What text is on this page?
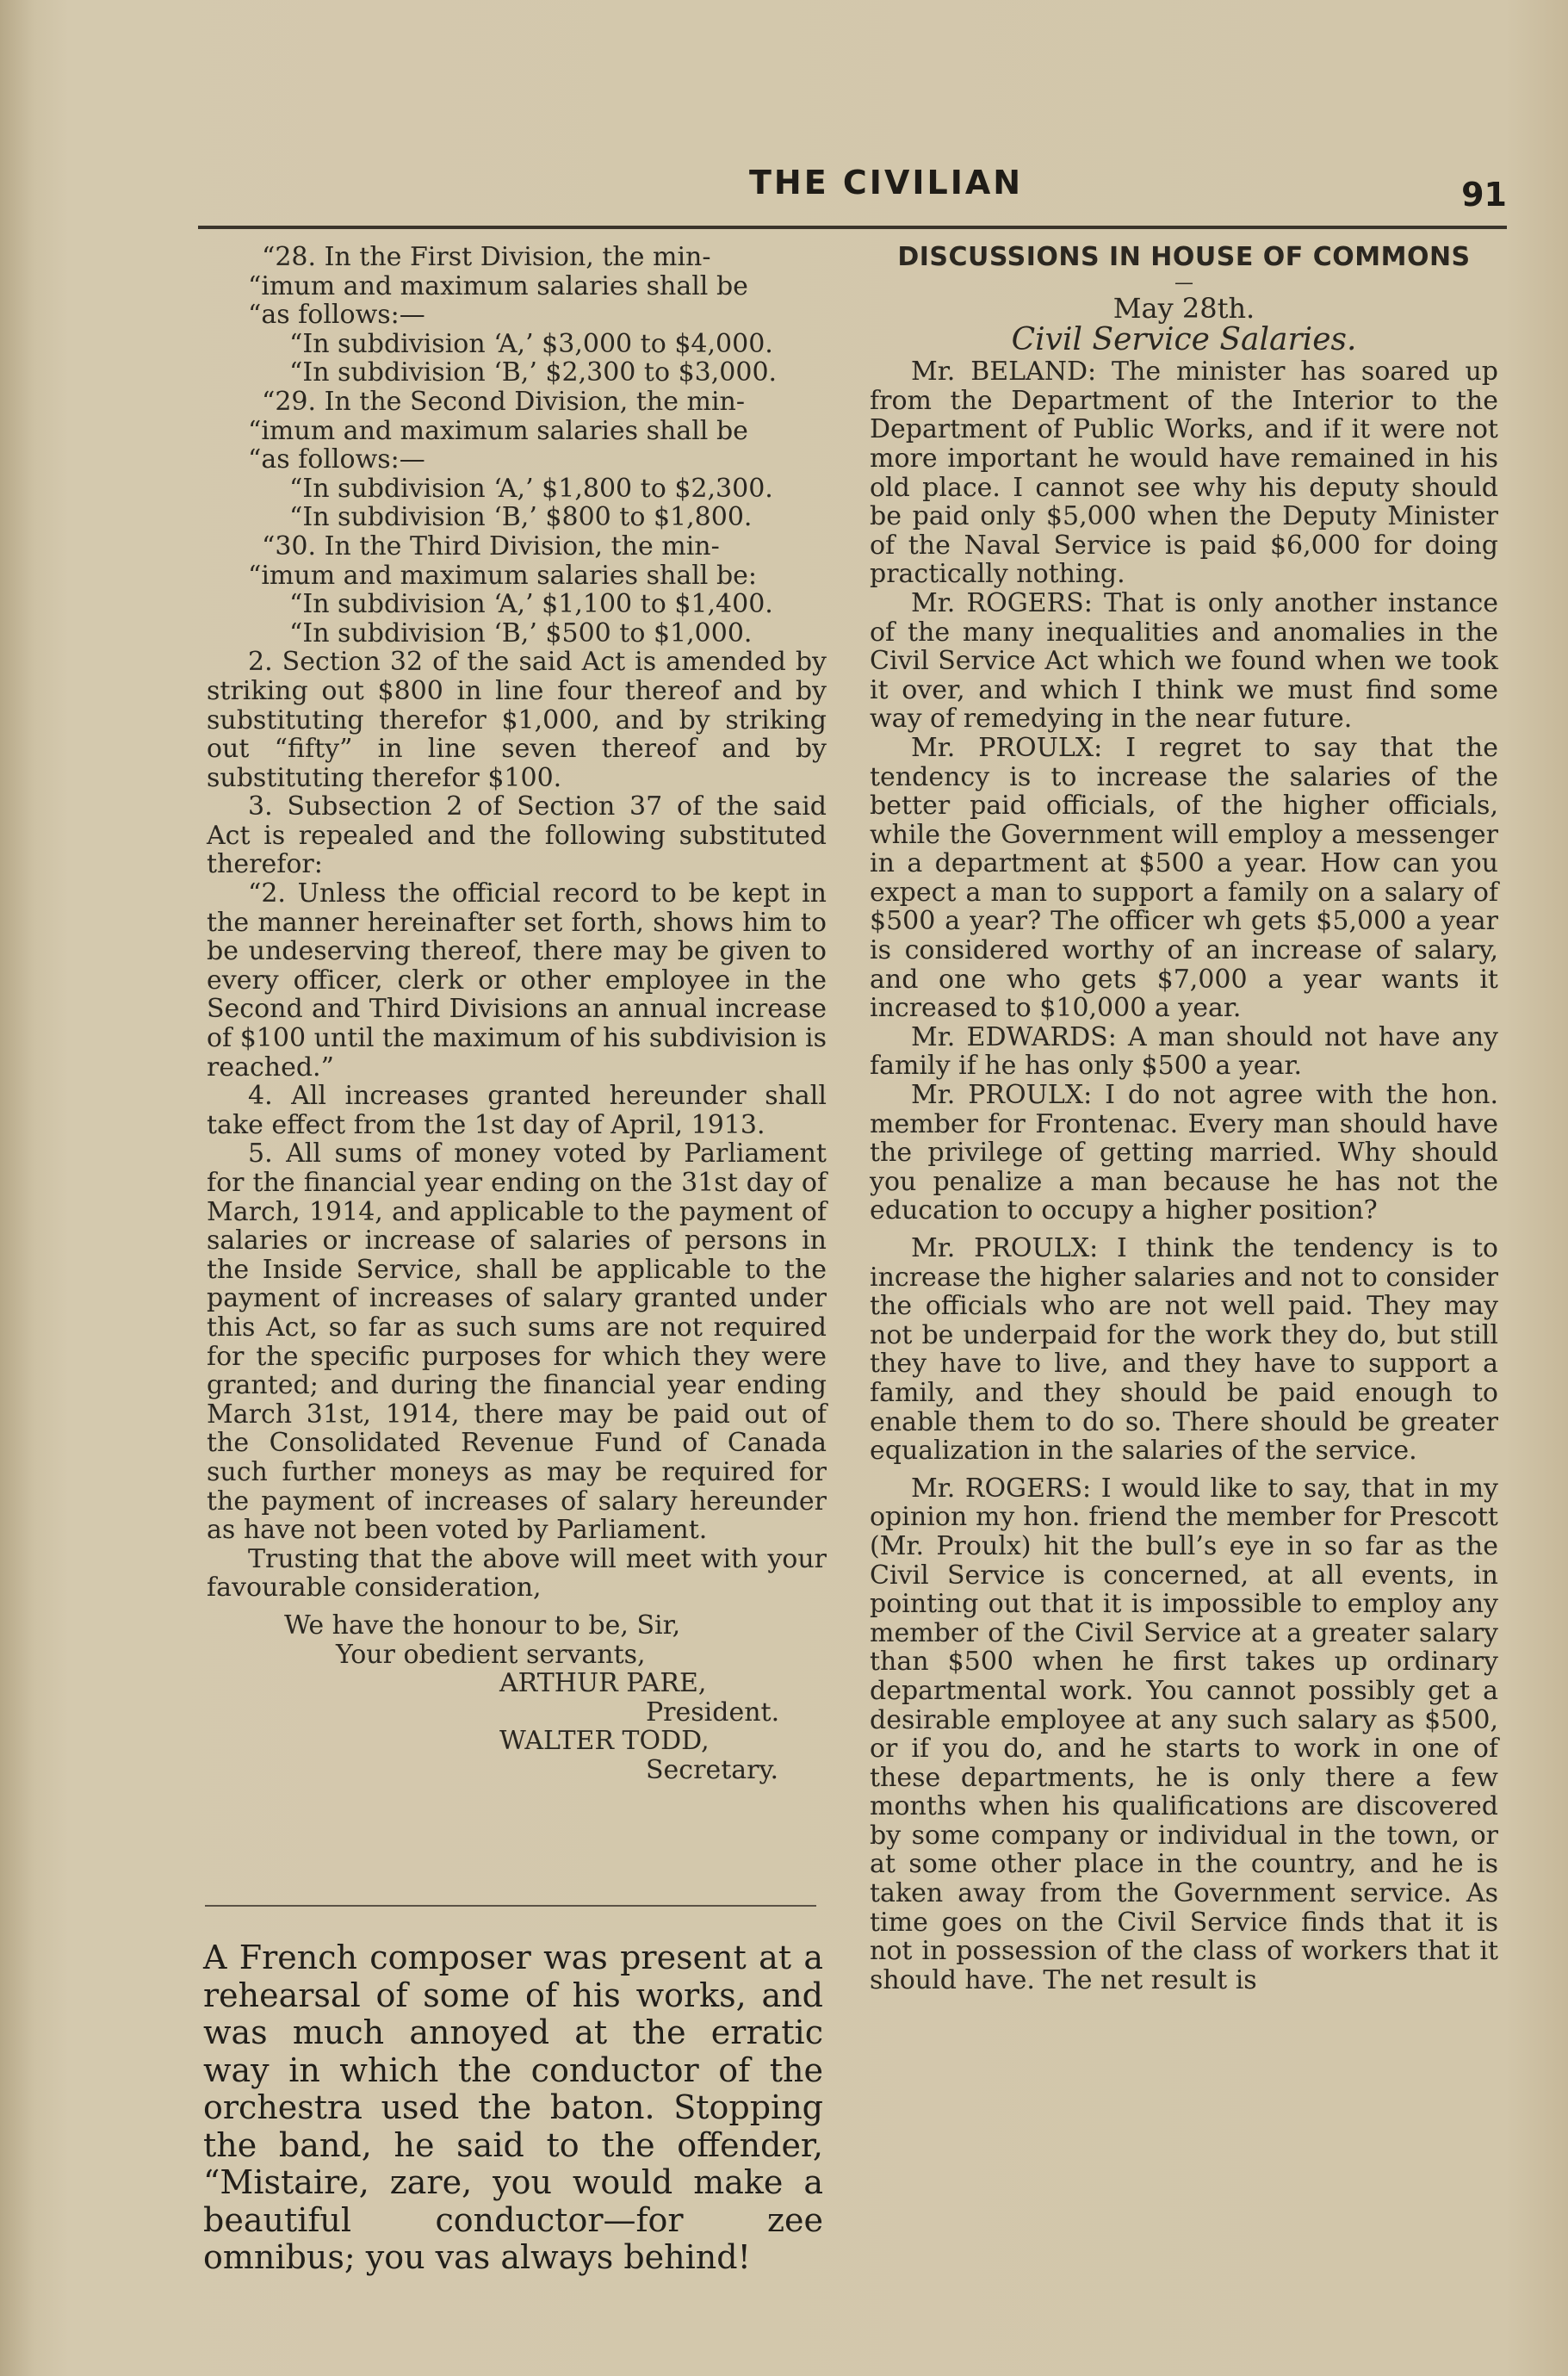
THE CIVILIAN	91

“28. In the First Division, the min-

“imum and maximum salaries shall be

“as follows:—

“In subdivision ‘A,’ $3,000 to $4,000.

“In subdivision ‘B,’ $2,300 to $3,000.

“29. In the Second Division, the min-

“imum and maximum salaries shall be

“as follows:—

“In subdivision ‘A,’ $1,800 to $2,300.

“In subdivision ‘B,’ $800 to $1,800.

“30. In the Third Division, the min-

“imum and maximum salaries shall be:

“In subdivision ‘A,’ $1,100 to $1,400.

“In subdivision ‘B,’ $500 to $1,000.

2. Section 32 of the said Act is amended by striking out $800 in line four thereof and by substituting therefor $1,000, and by striking out “fifty” in line seven thereof and by substituting therefor $100.

3. Subsection 2 of Section 37 of the said Act is repealed and the following substituted therefor:

“2. Unless the official record to be kept in the manner hereinafter set forth, shows him to be undeserving thereof, there may be given to every officer, clerk or other employee in the Second and Third Divisions an annual increase of $100 until the maximum of his subdivision is reached.”

4. All increases granted hereunder shall take effect from the 1st day of April, 1913.

5. All sums of money voted by Parliament for the financial year ending on the 31st day of March, 1914, and applicable to the payment of salaries or increase of salaries of persons in the Inside Service, shall be applicable to the payment of increases of salary granted under this Act, so far as such sums are not required for the specific purposes for which they were granted; and during the financial year ending March 31st, 1914, there may be paid out of the Consolidated Revenue Fund of Canada such further moneys as may be required for the payment of increases of salary hereunder as have not been voted by Parliament.

Trusting that the above will meet with your favourable consideration,

We have the honour to be, Sir,

Your obedient servants,

ARTHUR PARE,

President.

WALTER TODD,

Secretary.

A French composer was present at a rehearsal of some of his works, and was much annoyed at the erratic way in which the conductor of the orchestra used the baton. Stopping the band, he said to the offender, “Mistaire, zare, you would make a beautiful conductor—for zee omnibus; you vas always behind!
DISCUSSIONS IN HOUSE OF COMMONS
—
May 28th.
Civil Service Salaries.

Mr. BELAND: The minister has soared up from the Department of the Interior to the Department of Public Works, and if it were not more important he would have remained in his old place. I cannot see why his deputy should be paid only $5,000 when the Deputy Minister of the Naval Service is paid $6,000 for doing practically nothing.

Mr. ROGERS: That is only another instance of the many inequalities and anomalies in the Civil Service Act which we found when we took it over, and which I think we must find some way of remedying in the near future.

Mr. PROULX: I regret to say that the tendency is to increase the salaries of the better paid officials, of the higher officials, while the Government will employ a messenger in a department at $500 a year. How can you expect a man to support a family on a salary of $500 a year? The officer wh gets $5,000 a year is considered worthy of an increase of salary, and one who gets $7,000 a year wants it increased to $10,000 a year.

Mr. EDWARDS: A man should not have any family if he has only $500 a year.

Mr. PROULX: I do not agree with the hon. member for Frontenac. Every man should have the privilege of getting married. Why should you penalize a man because he has not the education to occupy a higher position?

Mr. PROULX: I think the tendency is to increase the higher salaries and not to consider the officials who are not well paid. They may not be underpaid for the work they do, but still they have to live, and they have to support a family, and they should be paid enough to enable them to do so. There should be greater equalization in the salaries of the service.

Mr. ROGERS: I would like to say, that in my opinion my hon. friend the member for Prescott (Mr. Proulx) hit the bull’s eye in so far as the Civil Service is concerned, at all events, in pointing out that it is impossible to employ any member of the Civil Service at a greater salary than $500 when he first takes up ordinary departmental work. You cannot possibly get a desirable employee at any such salary as $500, or if you do, and he starts to work in one of these departments, he is only there a few months when his qualifications are discovered by some company or individual in the town, or at some other place in the country, and he is taken away from the Government service. As time goes on the Civil Service finds that it is not in possession of the class of workers that it should have. The net result is
